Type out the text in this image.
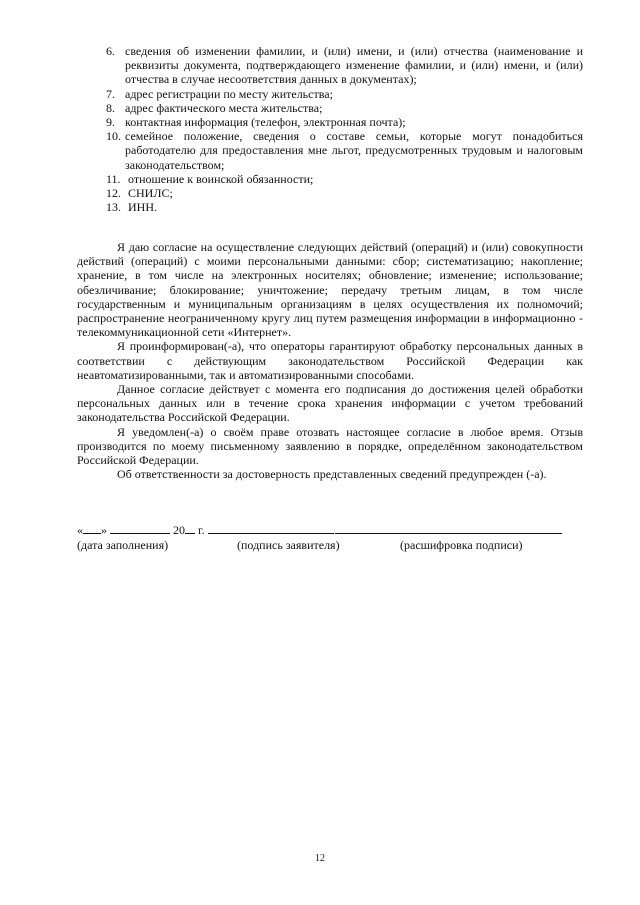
6. сведения об изменении фамилии, и (или) имени, и (или) отчества (наименование и реквизиты документа, подтверждающего изменение фамилии, и (или) имени, и (или) отчества в случае несоответствия данных в документах);
7. адрес регистрации по месту жительства;
8. адрес фактического места жительства;
9. контактная информация (телефон, электронная почта);
10. семейное положение, сведения о составе семьи, которые могут понадобиться работодателю для предоставления мне льгот, предусмотренных трудовым и налоговым законодательством;
11. отношение к воинской обязанности;
12. СНИЛС;
13. ИНН.

Я даю согласие на осуществление следующих действий (операций) и (или) совокупности действий (операций) с моими персональными данными: сбор; систематизацию; накопление; хранение, в том числе на электронных носителях; обновление; изменение; использование; обезличивание; блокирование; уничтожение; передачу третьим лицам, в том числе государственным и муниципальным организациям в целях осуществления их полномочий; распространение неограниченному кругу лиц путем размещения информации в информационно - телекоммуникационной сети «Интернет».

Я проинформирован(-а), что операторы гарантируют обработку персональных данных в соответствии с действующим законодательством Российской Федерации как неавтоматизированными, так и автоматизированными способами.

Данное согласие действует с момента его подписания до достижения целей обработки персональных данных или в течение срока хранения информации с учетом требований законодательства Российской Федерации.

Я уведомлен(-а) о своём праве отозвать настоящее согласие в любое время. Отзыв производится по моему письменному заявлению в порядке, определённом законодательством Российской Федерации.

Об ответственности за достоверность представленных сведений предупрежден (-а).

« »	20 г.
(дата заполнения)	(подпись заявителя)	(расшифровка подписи)
12
